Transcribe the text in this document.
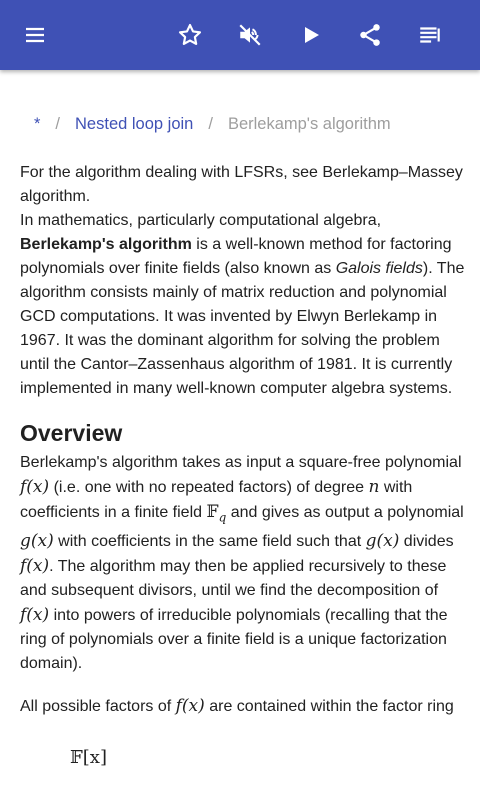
* / Nested loop join / Berlekamp's algorithm

For the algorithm dealing with LFSRs, see Berlekamp–Massey algorithm.

In mathematics, particularly computational algebra, Berlekamp's algorithm is a well-known method for factoring polynomials over finite fields (also known as Galois fields). The algorithm consists mainly of matrix reduction and polynomial GCD computations. It was invented by Elwyn Berlekamp in 1967. It was the dominant algorithm for solving the problem until the Cantor–Zassenhaus algorithm of 1981. It is currently implemented in many well-known computer algebra systems.

Overview

Berlekamp's algorithm takes as input a square-free polynomial f(x) (i.e. one with no repeated factors) of degree n with coefficients in a finite field 𝔽$_q$ and gives as output a polynomial g(x) with coefficients in the same field such that g(x) divides f(x). The algorithm may then be applied recursively to these and subsequent divisors, until we find the decomposition of f(x) into powers of irreducible polynomials (recalling that the ring of polynomials over a finite field is a unique factorization domain).

All possible factors of f(x) are contained within the factor ring

𝔽[x]
